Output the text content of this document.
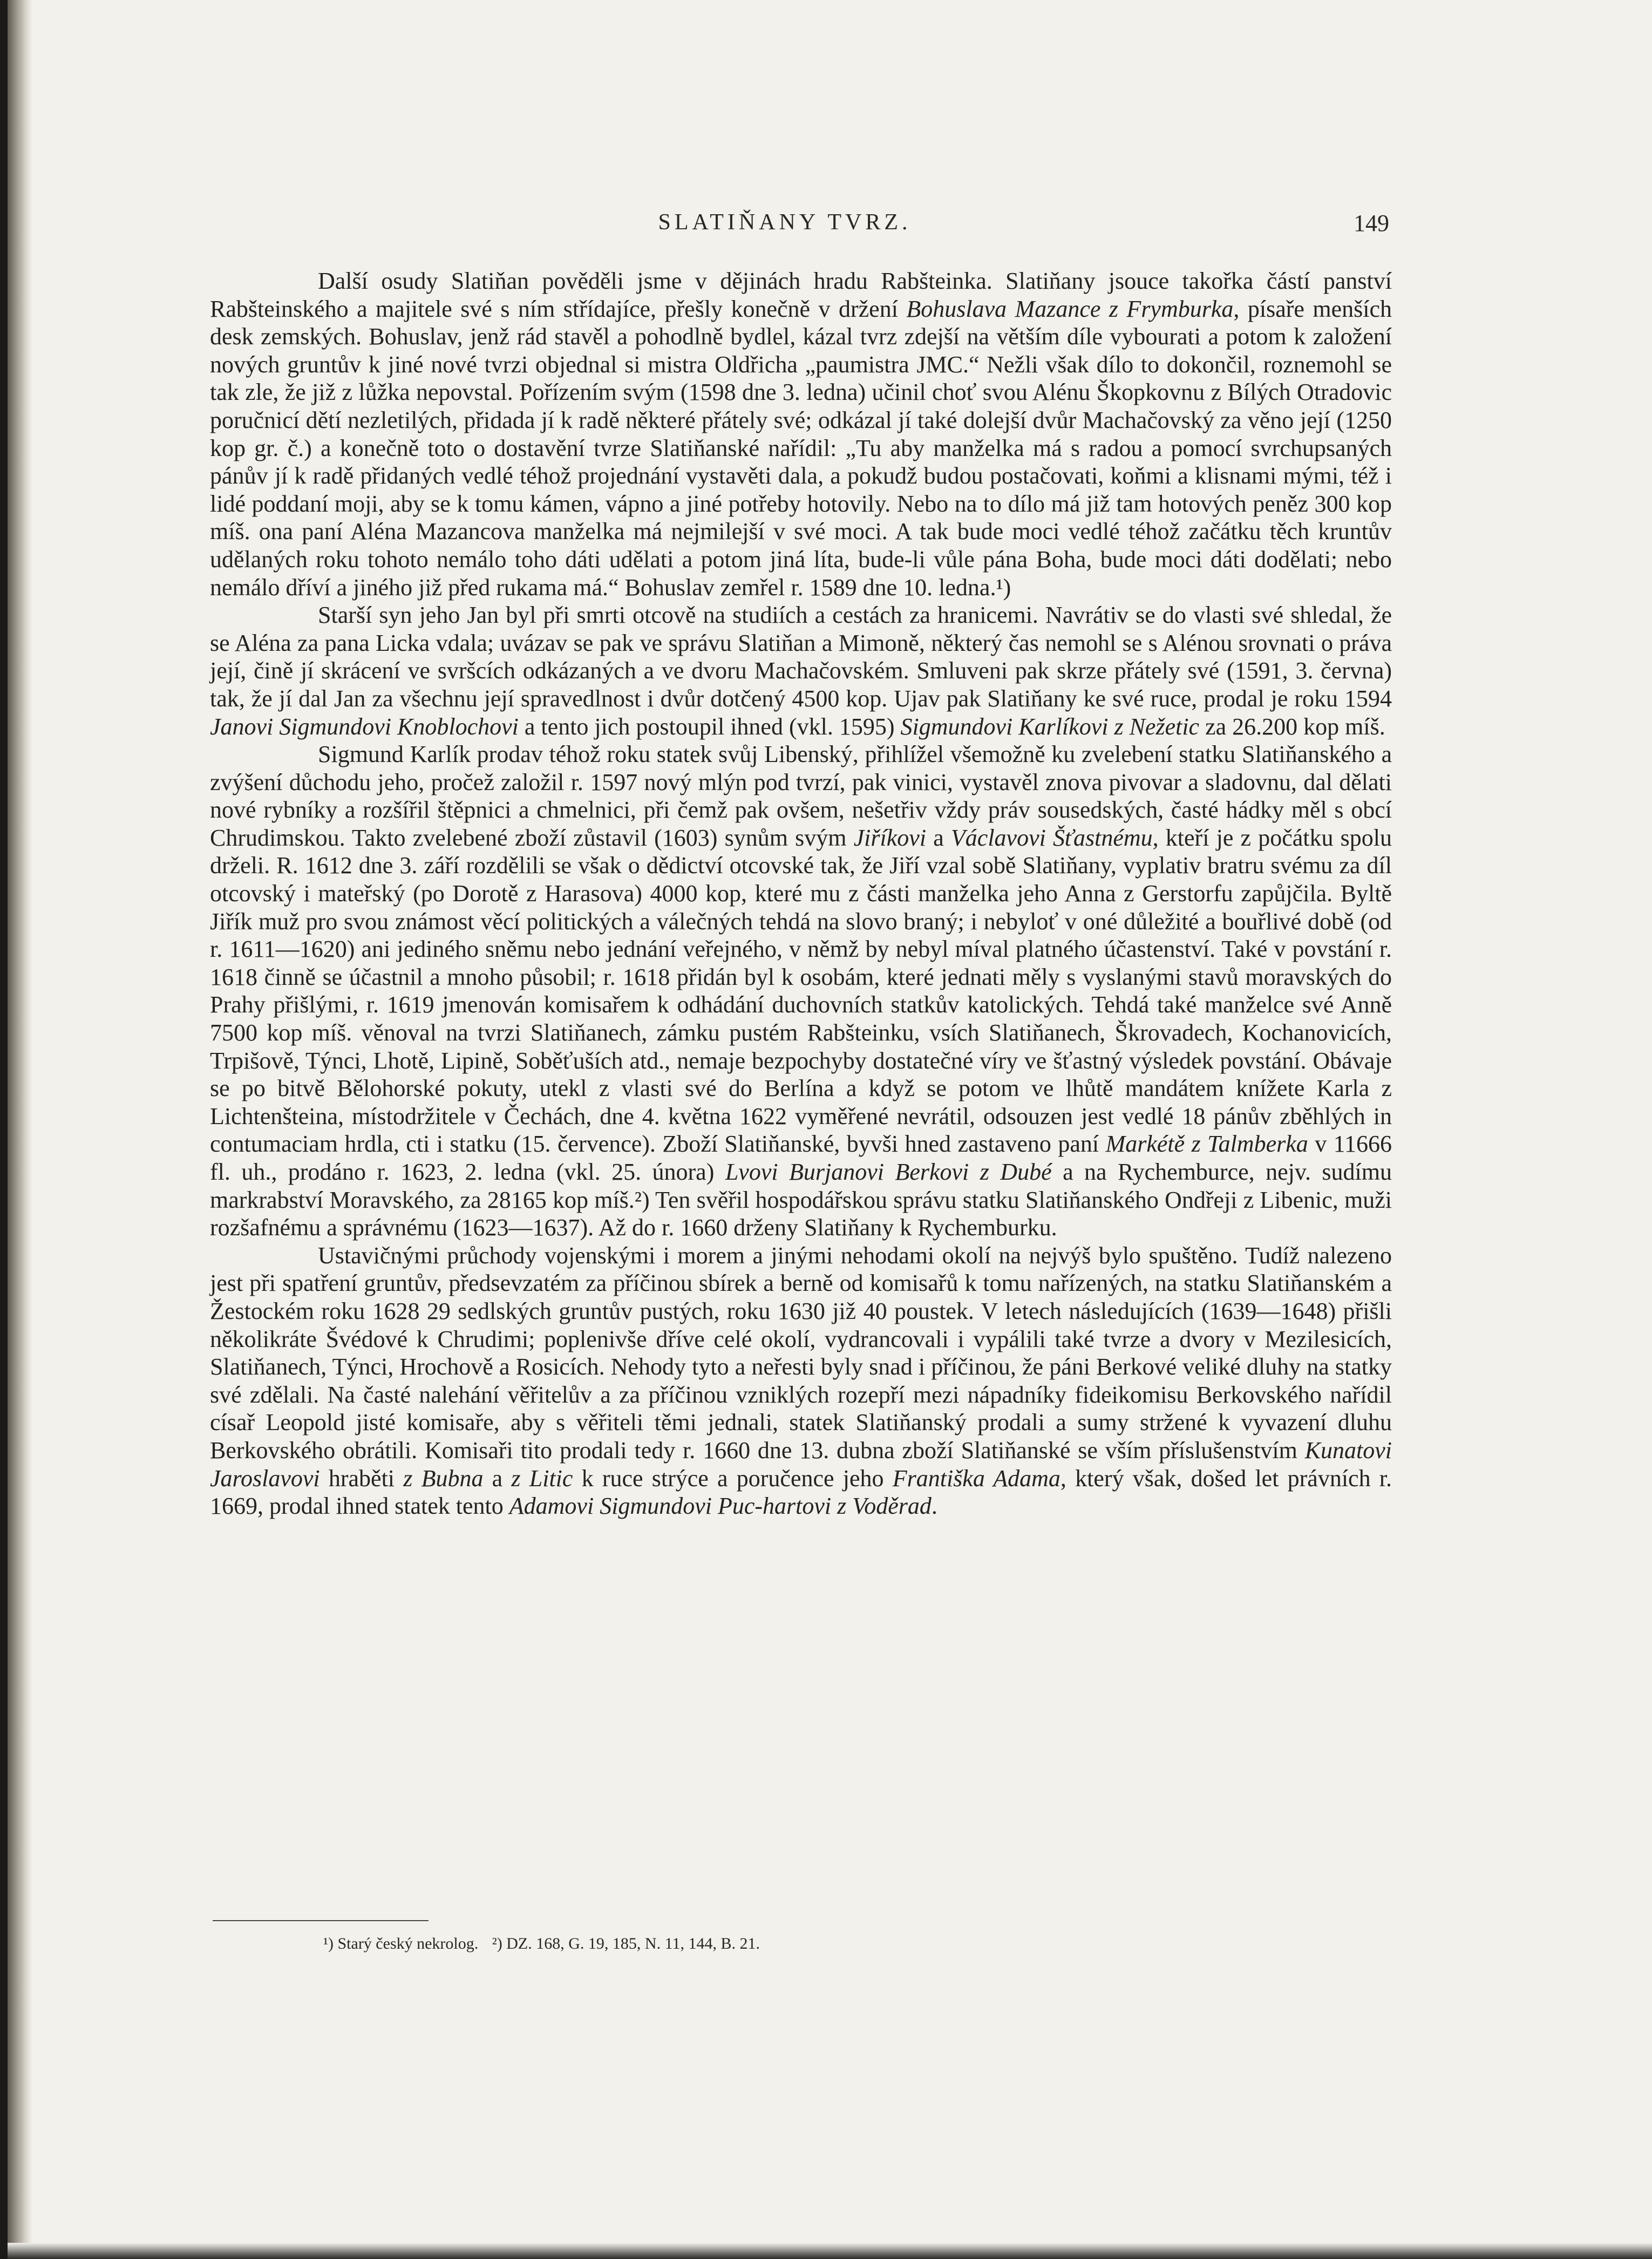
SLATIŇANY TVRZ.	149

Další osudy Slatiňan pověděli jsme v dějinách hradu Rabšteinka. Slatiňany jsouce takořka částí panství Rabšteinského a majitele své s ním střídajíce, přešly konečně v držení Bohuslava Mazance z Frymburka, písaře menších desk zemských. Bohuslav, jenž rád stavěl a pohodlně bydlel, kázal tvrz zdejší na větším díle vybourati a potom k založení nových gruntův k jiné nové tvrzi objednal si mistra Oldřicha „paumistra JMC.“ Nežli však dílo to dokončil, roznemohl se tak zle, že již z lůžka nepovstal. Pořízením svým (1598 dne 3. ledna) učinil choť svou Alénu Škopkovnu z Bílých Otradovic poručnicí dětí nezletilých, přidada jí k radě některé přátely své; odkázal jí také dolejší dvůr Machačovský za věno její (1250 kop gr. č.) a konečně toto o dostavění tvrze Slatiňanské nařídil: „Tu aby manželka má s radou a pomocí svrchupsaných pánův jí k radě přidaných vedlé téhož projednání vystavěti dala, a pokudž budou postačovati, koňmi a klisnami mými, též i lidé poddaní moji, aby se k tomu kámen, vápno a jiné potřeby hotovily. Nebo na to dílo má již tam hotových peněz 300 kop míš. ona paní Aléna Mazancova manželka má nejmilejší v své moci. A tak bude moci vedlé téhož začátku těch kruntův udělaných roku tohoto nemálo toho dáti udělati a potom jiná líta, bude-li vůle pána Boha, bude moci dáti dodělati; nebo nemálo dříví a jiného již před rukama má.“ Bohuslav zemřel r. 1589 dne 10. ledna.¹)

Starší syn jeho Jan byl při smrti otcově na studiích a cestách za hranicemi. Navrátiv se do vlasti své shledal, že se Aléna za pana Licka vdala; uvázav se pak ve správu Slatiňan a Mimoně, některý čas nemohl se s Alénou srovnati o práva její, čině jí skrácení ve svršcích odkázaných a ve dvoru Machačovském. Smluveni pak skrze přátely své (1591, 3. června) tak, že jí dal Jan za všechnu její spravedlnost i dvůr dotčený 4500 kop. Ujav pak Slatiňany ke své ruce, prodal je roku 1594 Janovi Sigmundovi Knoblochovi a tento jich postoupil ihned (vkl. 1595) Sigmundovi Karlíkovi z Nežetic za 26.200 kop míš.

Sigmund Karlík prodav téhož roku statek svůj Libenský, přihlížel všemožně ku zvelebení statku Slatiňanského a zvýšení důchodu jeho, pročež založil r. 1597 nový mlýn pod tvrzí, pak vinici, vystavěl znova pivovar a sladovnu, dal dělati nové rybníky a rozšířil štěpnici a chmelnici, při čemž pak ovšem, nešetřiv vždy práv sousedských, časté hádky měl s obcí Chrudimskou. Takto zvelebené zboží zůstavil (1603) synům svým Jiříkovi a Václavovi Šťastnému, kteří je z počátku spolu drželi. R. 1612 dne 3. září rozdělili se však o dědictví otcovské tak, že Jiří vzal sobě Slatiňany, vyplativ bratru svému za díl otcovský i mateřský (po Dorotě z Harasova) 4000 kop, které mu z části manželka jeho Anna z Gerstorfu zapůjčila. Byltě Jiřík muž pro svou známost věcí politických a válečných tehdá na slovo braný; i nebyloť v oné důležité a bouřlivé době (od r. 1611—1620) ani jediného sněmu nebo jednání veřejného, v němž by nebyl míval platného účastenství. Také v povstání r. 1618 činně se účastnil a mnoho působil; r. 1618 přidán byl k osobám, které jednati měly s vyslanými stavů moravských do Prahy přišlými, r. 1619 jmenován komisařem k odhádání duchovních statkův katolických. Tehdá také manželce své Anně 7500 kop míš. věnoval na tvrzi Slatiňanech, zámku pustém Rabšteinku, vsích Slatiňanech, Škrovadech, Kochanovicích, Trpišově, Týnci, Lhotě, Lipině, Soběťuších atd., nemaje bezpochyby dostatečné víry ve šťastný výsledek povstání. Obávaje se po bitvě Bělohorské pokuty, utekl z vlasti své do Berlína a když se potom ve lhůtě mandátem knížete Karla z Lichtenšteina, místodržitele v Čechách, dne 4. května 1622 vyměřené nevrátil, odsouzen jest vedlé 18 pánův zběhlých in contumaciam hrdla, cti i statku (15. července). Zboží Slatiňanské, byvši hned zastaveno paní Markétě z Talmberka v 11666 fl. uh., prodáno r. 1623, 2. ledna (vkl. 25. února) Lvovi Burjanovi Berkovi z Dubé a na Rychemburce, nejv. sudímu markrabství Moravského, za 28165 kop míš.²) Ten svěřil hospodářskou správu statku Slatiňanského Ondřeji z Libenic, muži rozšafnému a správnému (1623—1637). Až do r. 1660 drženy Slatiňany k Rychemburku.

Ustavičnými průchody vojenskými i morem a jinými nehodami okolí na nejvýš bylo spuštěno. Tudíž nalezeno jest při spatření gruntův, předsevzatém za příčinou sbírek a berně od komisařů k tomu nařízených, na statku Slatiňanském a Žestockém roku 1628 29 sedlských gruntův pustých, roku 1630 již 40 poustek. V letech následujících (1639—1648) přišli několikráte Švédové k Chrudimi; poplenivše dříve celé okolí, vydrancovali i vypálili také tvrze a dvory v Mezilesicích, Slatiňanech, Týnci, Hrochově a Rosicích. Nehody tyto a neřesti byly snad i příčinou, že páni Berkové veliké dluhy na statky své zdělali. Na časté nalehání věřitelův a za příčinou vzniklých rozepří mezi nápadníky fideikomisu Berkovského nařídil císař Leopold jisté komisaře, aby s věřiteli těmi jednali, statek Slatiňanský prodali a sumy stržené k vyvazení dluhu Berkovského obrátili. Komisaři tito prodali tedy r. 1660 dne 13. dubna zboží Slatiňanské se vším příslušenstvím Kunatovi Jaroslavovi hraběti z Bubna a z Litic k ruce strýce a poručence jeho Františka Adama, který však, došed let právních r. 1669, prodal ihned statek tento Adamovi Sigmundovi Puc-hartovi z Voděrad.

¹) Starý český nekrolog. ²) DZ. 168, G. 19, 185, N. 11, 144, B. 21.
